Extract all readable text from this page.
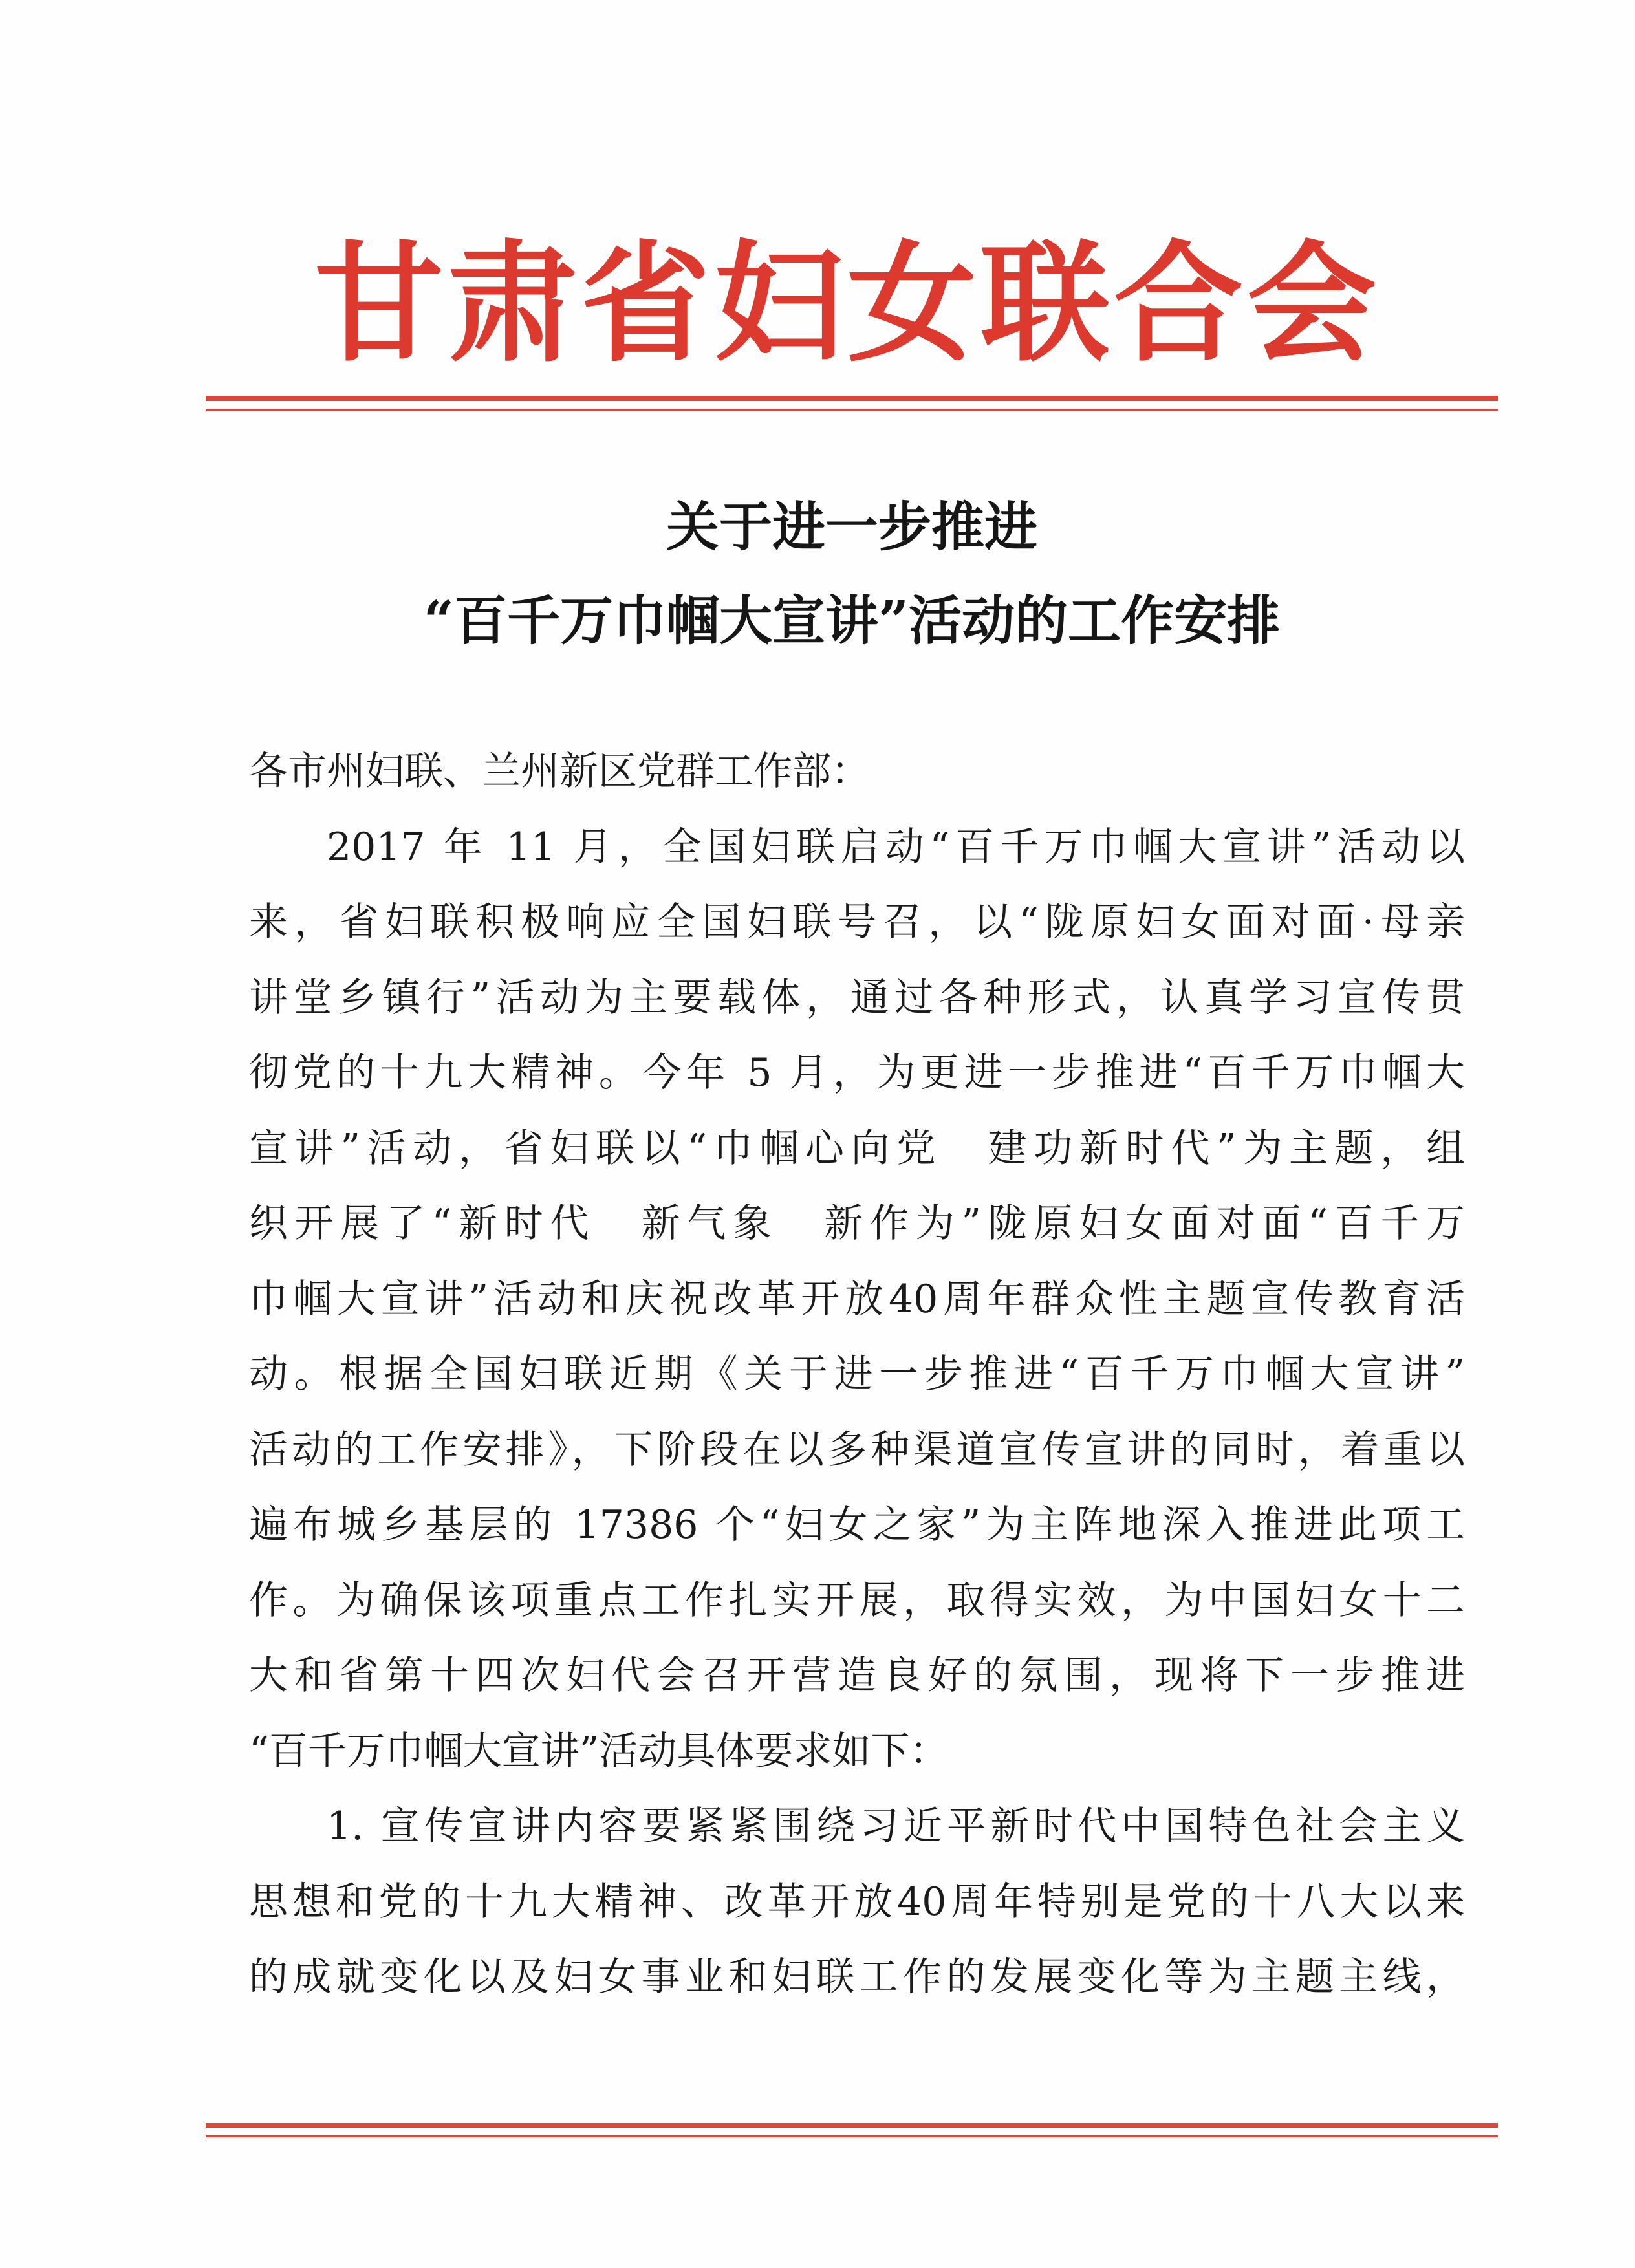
甘肃省妇女联合会
关于进一步推进
“百千万巾帼大宣讲”活动的工作安排
各市州妇联、兰州新区党群工作部：
2017 年 11 月，全国妇联启动“百千万巾帼大宣讲”活动以
来，省妇联积极响应全国妇联号召，以“陇原妇女面对面·母亲
讲堂乡镇行”活动为主要载体，通过各种形式，认真学习宣传贯
彻党的十九大精神。今年 5 月，为更进一步推进“百千万巾帼大
宣讲”活动，省妇联以“巾帼心向党　建功新时代”为主题，组
织开展了“新时代　新气象　新作为”陇原妇女面对面“百千万
巾帼大宣讲”活动和庆祝改革开放40周年群众性主题宣传教育活
动。根据全国妇联近期《关于进一步推进“百千万巾帼大宣讲”
活动的工作安排》，下阶段在以多种渠道宣传宣讲的同时，着重以
遍布城乡基层的 17386 个“妇女之家”为主阵地深入推进此项工
作。为确保该项重点工作扎实开展，取得实效，为中国妇女十二
大和省第十四次妇代会召开营造良好的氛围，现将下一步推进
“百千万巾帼大宣讲”活动具体要求如下：
1. 宣传宣讲内容要紧紧围绕习近平新时代中国特色社会主义
思想和党的十九大精神、改革开放40周年特别是党的十八大以来
的成就变化以及妇女事业和妇联工作的发展变化等为主题主线，
